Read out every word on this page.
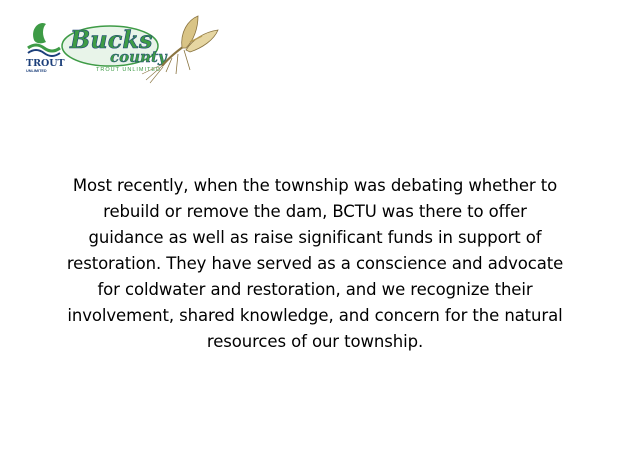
TROUT
UNLIMITED
Bucks
county
TROUT UNLIMITED

Most recently, when the township was debating whether to
rebuild or remove the dam, BCTU was there to offer
guidance as well as raise significant funds in support of
restoration. They have served as a conscience and advocate
for coldwater and restoration, and we recognize their
involvement, shared knowledge, and concern for the natural
resources of our township.
